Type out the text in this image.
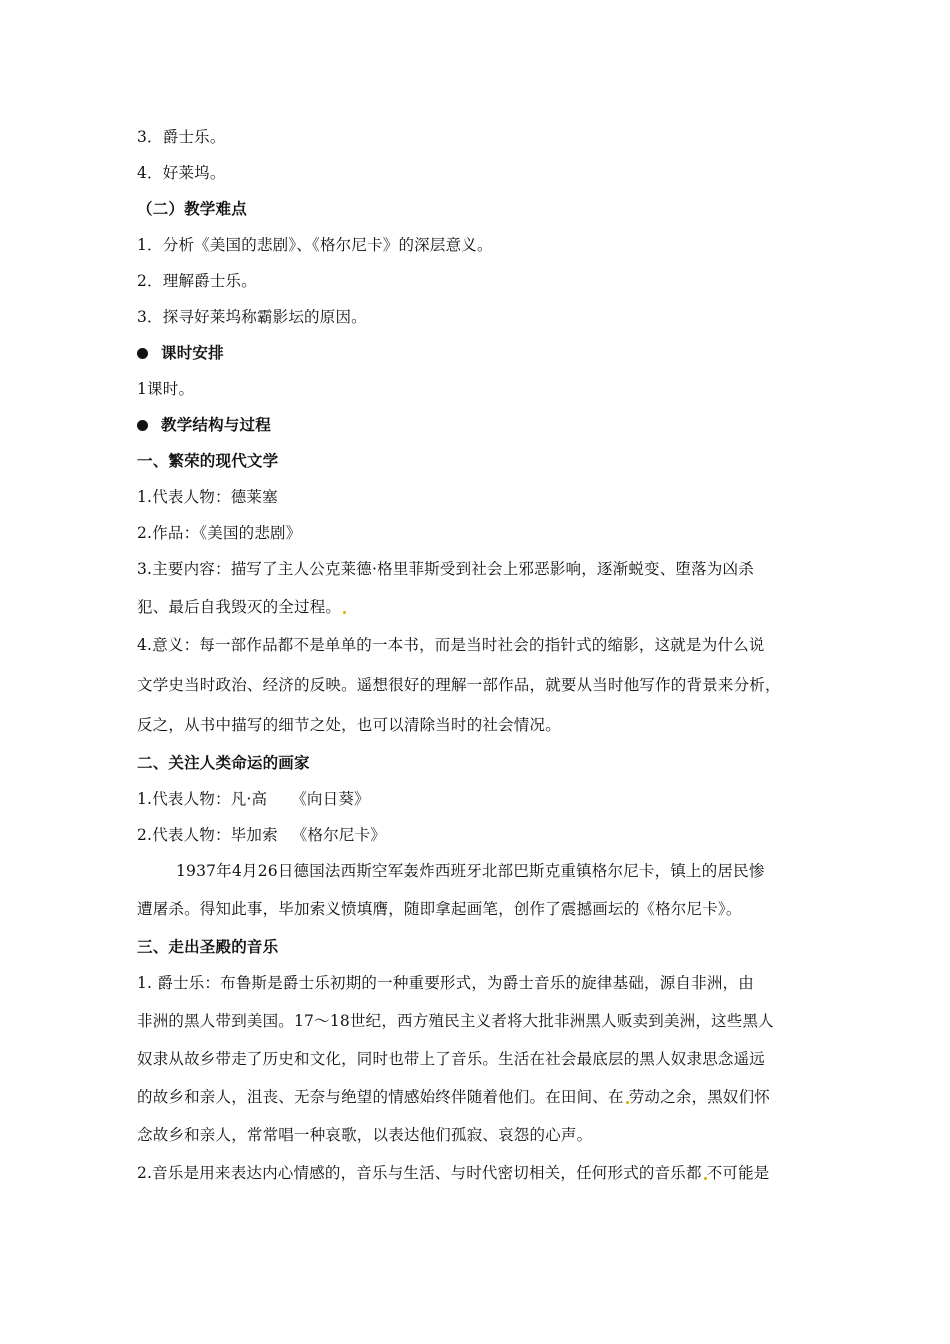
3．爵士乐。
4．好莱坞。
（二）教学难点
1．分析《美国的悲剧》、《格尔尼卡》的深层意义。
2．理解爵士乐。
3．探寻好莱坞称霸影坛的原因。
课时安排
1课时。
教学结构与过程
一、繁荣的现代文学
1.代表人物：德莱塞
2.作品：《美国的悲剧》
3.主要内容：描写了主人公克莱德·格里菲斯受到社会上邪恶影响，逐渐蜕变、堕落为凶杀
犯、最后自我毁灭的全过程。
4.意义：每一部作品都不是单单的一本书，而是当时社会的指针式的缩影，这就是为什么说
文学史当时政治、经济的反映。遥想很好的理解一部作品，就要从当时他写作的背景来分析，
反之，从书中描写的细节之处，也可以清除当时的社会情况。
二、关注人类命运的画家
1.代表人物：凡·高 《向日葵》
2.代表人物：毕加索 《格尔尼卡》
1937年4月26日德国法西斯空军轰炸西班牙北部巴斯克重镇格尔尼卡，镇上的居民惨
遭屠杀。得知此事，毕加索义愤填膺，随即拿起画笔，创作了震撼画坛的《格尔尼卡》。
三、走出圣殿的音乐
1. 爵士乐：布鲁斯是爵士乐初期的一种重要形式，为爵士音乐的旋律基础，源自非洲，由
非洲的黑人带到美国。17～18世纪，西方殖民主义者将大批非洲黑人贩卖到美洲，这些黑人
奴隶从故乡带走了历史和文化，同时也带上了音乐。生活在社会最底层的黑人奴隶思念遥远
的故乡和亲人，沮丧、无奈与绝望的情感始终伴随着他们。在田间、在 劳动之余，黑奴们怀
念故乡和亲人，常常唱一种哀歌，以表达他们孤寂、哀怨的心声。
2.音乐是用来表达内心情感的，音乐与生活、与时代密切相关，任何形式的音乐都 不可能是
